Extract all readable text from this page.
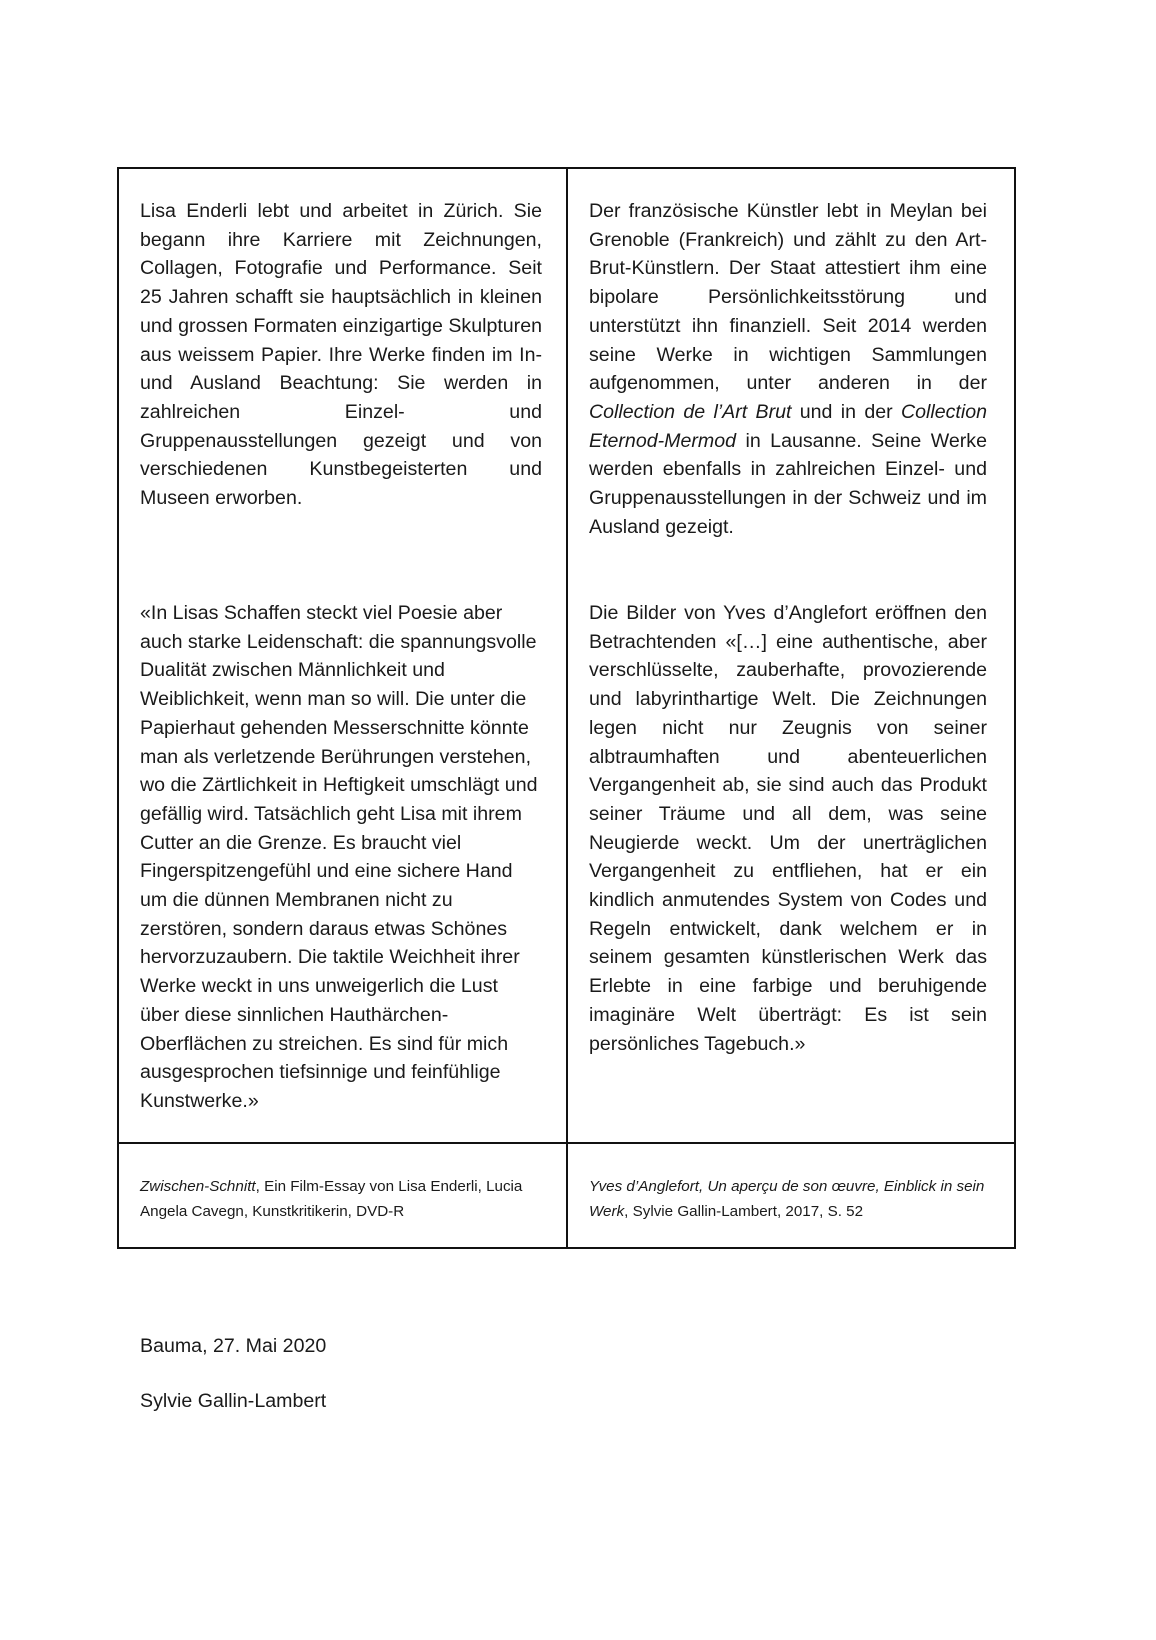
Lisa Enderli lebt und arbeitet in Zürich. Sie begann ihre Karriere mit Zeichnungen, Collagen, Fotografie und Performance. Seit 25 Jahren schafft sie hauptsächlich in kleinen und grossen Formaten einzigartige Skulpturen aus weissem Papier. Ihre Werke finden im In- und Ausland Beachtung: Sie werden in zahlreichen Einzel- und Gruppenausstellungen gezeigt und von verschiedenen Kunstbegeisterten und Museen erworben.

«In Lisas Schaffen steckt viel Poesie aber auch starke Leidenschaft: die spannungsvolle Dualität zwischen Männlichkeit und Weiblichkeit, wenn man so will. Die unter die Papierhaut gehenden Messerschnitte könnte man als verletzende Berührungen verstehen, wo die Zärtlichkeit in Heftigkeit umschlägt und gefällig wird. Tatsächlich geht Lisa mit ihrem Cutter an die Grenze. Es braucht viel Fingerspitzengefühl und eine sichere Hand um die dünnen Membranen nicht zu zerstören, sondern daraus etwas Schönes hervorzuzaubern. Die taktile Weichheit ihrer Werke weckt in uns unweigerlich die Lust über diese sinnlichen Hauthärchen-Oberflächen zu streichen. Es sind für mich ausgesprochen tiefsinnige und feinfühlige Kunstwerke.»

Der französische Künstler lebt in Meylan bei Grenoble (Frankreich) und zählt zu den Art-Brut-Künstlern. Der Staat attestiert ihm eine bipolare Persönlichkeitsstörung und unterstützt ihn finanziell. Seit 2014 werden seine Werke in wichtigen Sammlungen aufgenommen, unter anderen in der Collection de l’Art Brut und in der Collection Eternod-Mermod in Lausanne. Seine Werke werden ebenfalls in zahlreichen Einzel- und Gruppenausstellungen in der Schweiz und im Ausland gezeigt.

Die Bilder von Yves d’Anglefort eröffnen den Betrachtenden «[…] eine authentische, aber verschlüsselte, zauberhafte, provozierende und labyrinthartige Welt. Die Zeichnungen legen nicht nur Zeugnis von seiner albtraumhaften und abenteuerlichen Vergangenheit ab, sie sind auch das Produkt seiner Träume und all dem, was seine Neugierde weckt. Um der unerträglichen Vergangenheit zu entfliehen, hat er ein kindlich anmutendes System von Codes und Regeln entwickelt, dank welchem er in seinem gesamten künstlerischen Werk das Erlebte in eine farbige und beruhigende imaginäre Welt überträgt: Es ist sein persönliches Tagebuch.»

Zwischen-Schnitt, Ein Film-Essay von Lisa Enderli, Lucia Angela Cavegn, Kunstkritikerin, DVD-R
Yves d’Anglefort, Un aperçu de son œuvre, Einblick in sein Werk, Sylvie Gallin-Lambert, 2017, S. 52
Bauma, 27. Mai 2020
Sylvie Gallin-Lambert
